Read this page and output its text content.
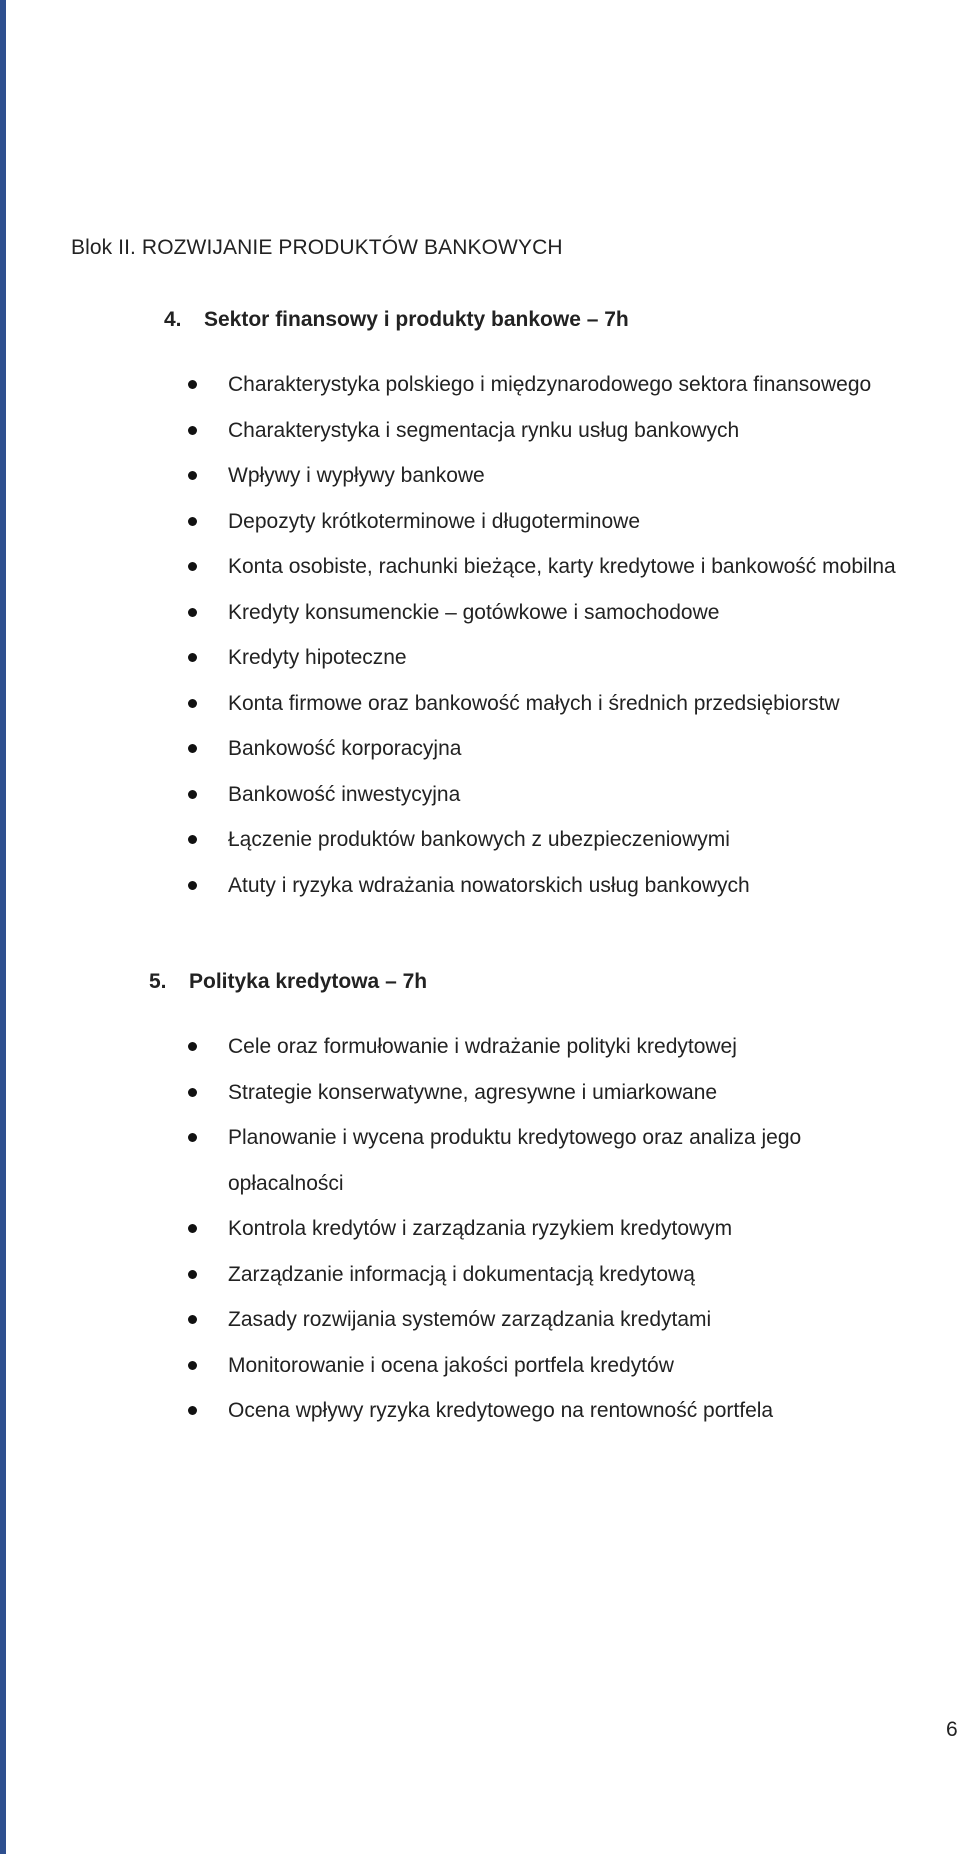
Blok II. ROZWIJANIE PRODUKTÓW BANKOWYCH
4. Sektor finansowy i produkty bankowe – 7h
Charakterystyka polskiego i międzynarodowego sektora finansowego
Charakterystyka i segmentacja rynku usług bankowych
Wpływy i wypływy bankowe
Depozyty krótkoterminowe i długoterminowe
Konta osobiste, rachunki bieżące, karty kredytowe i bankowość mobilna
Kredyty konsumenckie – gotówkowe i samochodowe
Kredyty hipoteczne
Konta firmowe oraz bankowość małych i średnich przedsiębiorstw
Bankowość korporacyjna
Bankowość inwestycyjna
Łączenie produktów bankowych z ubezpieczeniowymi
Atuty i ryzyka wdrażania nowatorskich usług bankowych
5. Polityka kredytowa – 7h
Cele oraz formułowanie i wdrażanie polityki kredytowej
Strategie konserwatywne, agresywne i umiarkowane
Planowanie i wycena produktu kredytowego oraz analiza jego opłacalności
Kontrola kredytów i zarządzania ryzykiem kredytowym
Zarządzanie informacją i dokumentacją kredytową
Zasady rozwijania systemów zarządzania kredytami
Monitorowanie i ocena jakości portfela kredytów
Ocena wpływy ryzyka kredytowego na rentowność portfela
6
